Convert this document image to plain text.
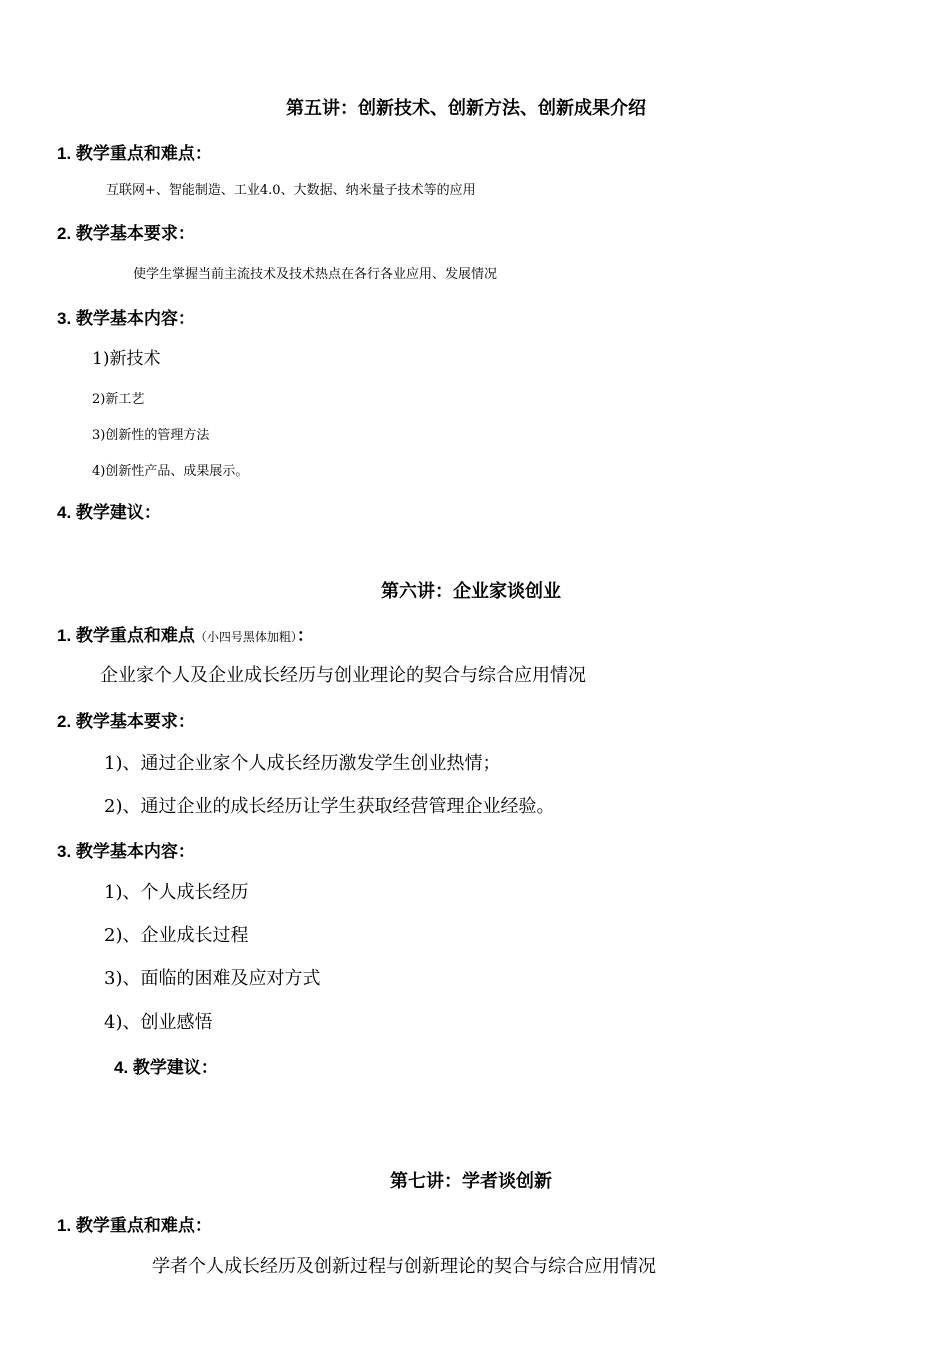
第五讲：创新技术、创新方法、创新成果介绍
1. 教学重点和难点：
互联网+、智能制造、工业4.0、大数据、纳米量子技术等的应用
2. 教学基本要求：
使学生掌握当前主流技术及技术热点在各行各业应用、发展情况
3. 教学基本内容：
1)新技术
2)新工艺
3)创新性的管理方法
4)创新性产品、成果展示。
4. 教学建议：
第六讲：企业家谈创业
1. 教学重点和难点（小四号黑体加粗）：
企业家个人及企业成长经历与创业理论的契合与综合应用情况
2. 教学基本要求：
1)、通过企业家个人成长经历激发学生创业热情；
2)、通过企业的成长经历让学生获取经营管理企业经验。
3. 教学基本内容：
1)、个人成长经历
2)、企业成长过程
3)、面临的困难及应对方式
4)、创业感悟
4. 教学建议：
第七讲：学者谈创新
1. 教学重点和难点：
学者个人成长经历及创新过程与创新理论的契合与综合应用情况
